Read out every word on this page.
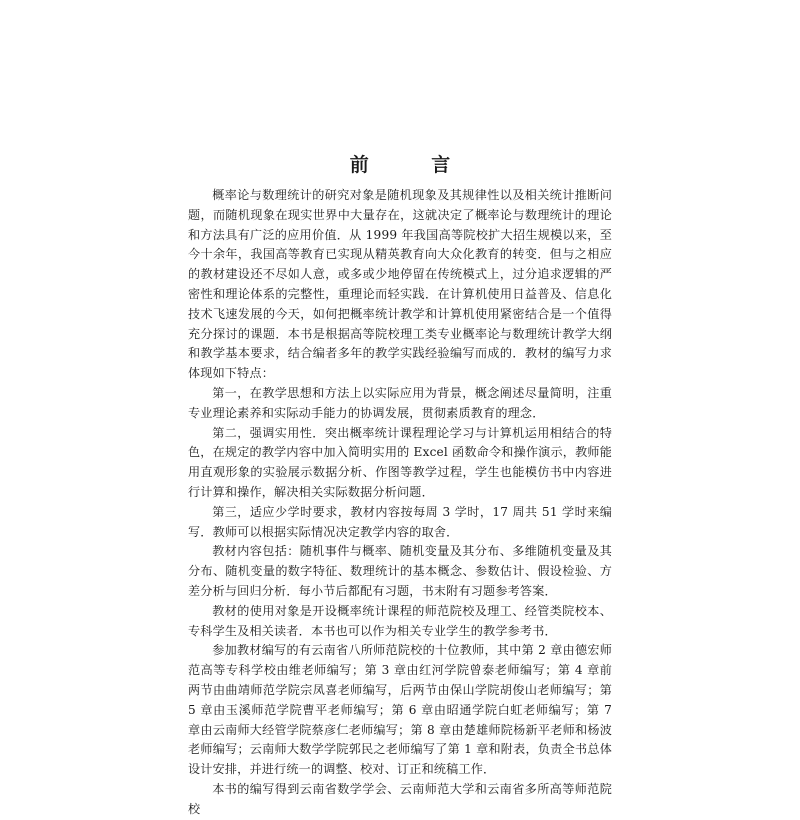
前 言

概率论与数理统计的研究对象是随机现象及其规律性以及相关统计推断问题，而随机现象在现实世界中大量存在，这就决定了概率论与数理统计的理论和方法具有广泛的应用价值．从 1999 年我国高等院校扩大招生规模以来，至今十余年，我国高等教育已实现从精英教育向大众化教育的转变．但与之相应的教材建设还不尽如人意，或多或少地停留在传统模式上，过分追求逻辑的严密性和理论体系的完整性，重理论而轻实践．在计算机使用日益普及、信息化技术飞速发展的今天，如何把概率统计教学和计算机使用紧密结合是一个值得充分探讨的课题．本书是根据高等院校理工类专业概率论与数理统计教学大纲和教学基本要求，结合编者多年的教学实践经验编写而成的．教材的编写力求体现如下特点：

第一，在教学思想和方法上以实际应用为背景，概念阐述尽量简明，注重专业理论素养和实际动手能力的协调发展，贯彻素质教育的理念．

第二，强调实用性．突出概率统计课程理论学习与计算机运用相结合的特色，在规定的教学内容中加入简明实用的 Excel 函数命令和操作演示，教师能用直观形象的实验展示数据分析、作图等教学过程，学生也能模仿书中内容进行计算和操作，解决相关实际数据分析问题．

第三，适应少学时要求，教材内容按每周 3 学时，17 周共 51 学时来编写．教师可以根据实际情况决定教学内容的取舍．

教材内容包括：随机事件与概率、随机变量及其分布、多维随机变量及其分布、随机变量的数字特征、数理统计的基本概念、参数估计、假设检验、方差分析与回归分析．每小节后都配有习题，书末附有习题参考答案．

教材的使用对象是开设概率统计课程的师范院校及理工、经管类院校本、专科学生及相关读者．本书也可以作为相关专业学生的教学参考书．

参加教材编写的有云南省八所师范院校的十位教师，其中第 2 章由德宏师范高等专科学校由维老师编写；第 3 章由红河学院曾泰老师编写；第 4 章前两节由曲靖师范学院宗凤喜老师编写，后两节由保山学院胡俊山老师编写；第 5 章由玉溪师范学院曹平老师编写；第 6 章由昭通学院白虹老师编写；第 7 章由云南师大经管学院蔡彦仁老师编写；第 8 章由楚雄师院杨新平老师和杨波老师编写；云南师大数学学院郭民之老师编写了第 1 章和附表，负责全书总体设计安排，并进行统一的调整、校对、订正和统稿工作．

本书的编写得到云南省数学学会、云南师范大学和云南省多所高等师范院校
